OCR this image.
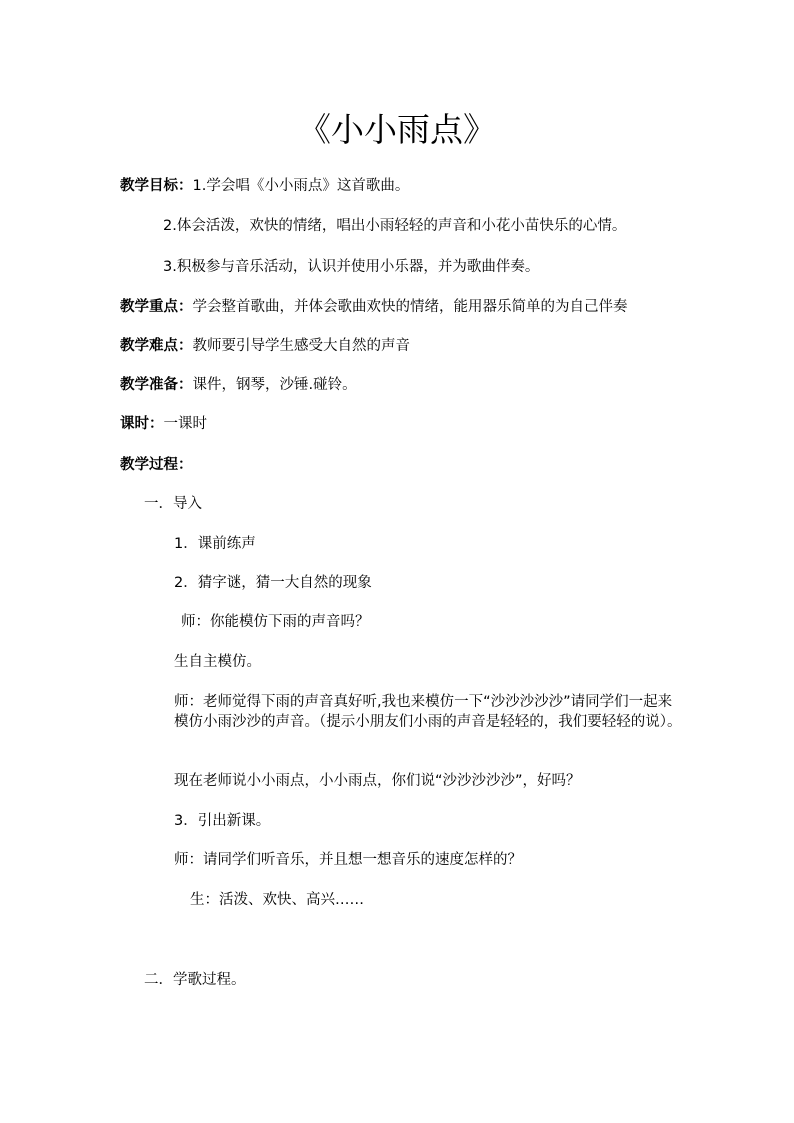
《小小雨点》
教学目标：1.学会唱《小小雨点》这首歌曲。
2.体会活泼，欢快的情绪，唱出小雨轻轻的声音和小花小苗快乐的心情。
3.积极参与音乐活动，认识并使用小乐器，并为歌曲伴奏。
教学重点：学会整首歌曲，并体会歌曲欢快的情绪，能用器乐简单的为自己伴奏
教学难点：教师要引导学生感受大自然的声音
教学准备：课件，钢琴，沙锤.碰铃。
课时：一课时
教学过程：
一．导入
1．课前练声
2．猜字谜，猜一大自然的现象
师：你能模仿下雨的声音吗？
生自主模仿。
师：老师觉得下雨的声音真好听,我也来模仿一下“沙沙沙沙沙”请同学们一起来模仿小雨沙沙的声音。（提示小朋友们小雨的声音是轻轻的，我们要轻轻的说）。
现在老师说小小雨点，小小雨点，你们说“沙沙沙沙沙”，好吗？
3．引出新课。
师：请同学们听音乐，并且想一想音乐的速度怎样的？
生：活泼、欢快、高兴……
二．学歌过程。
